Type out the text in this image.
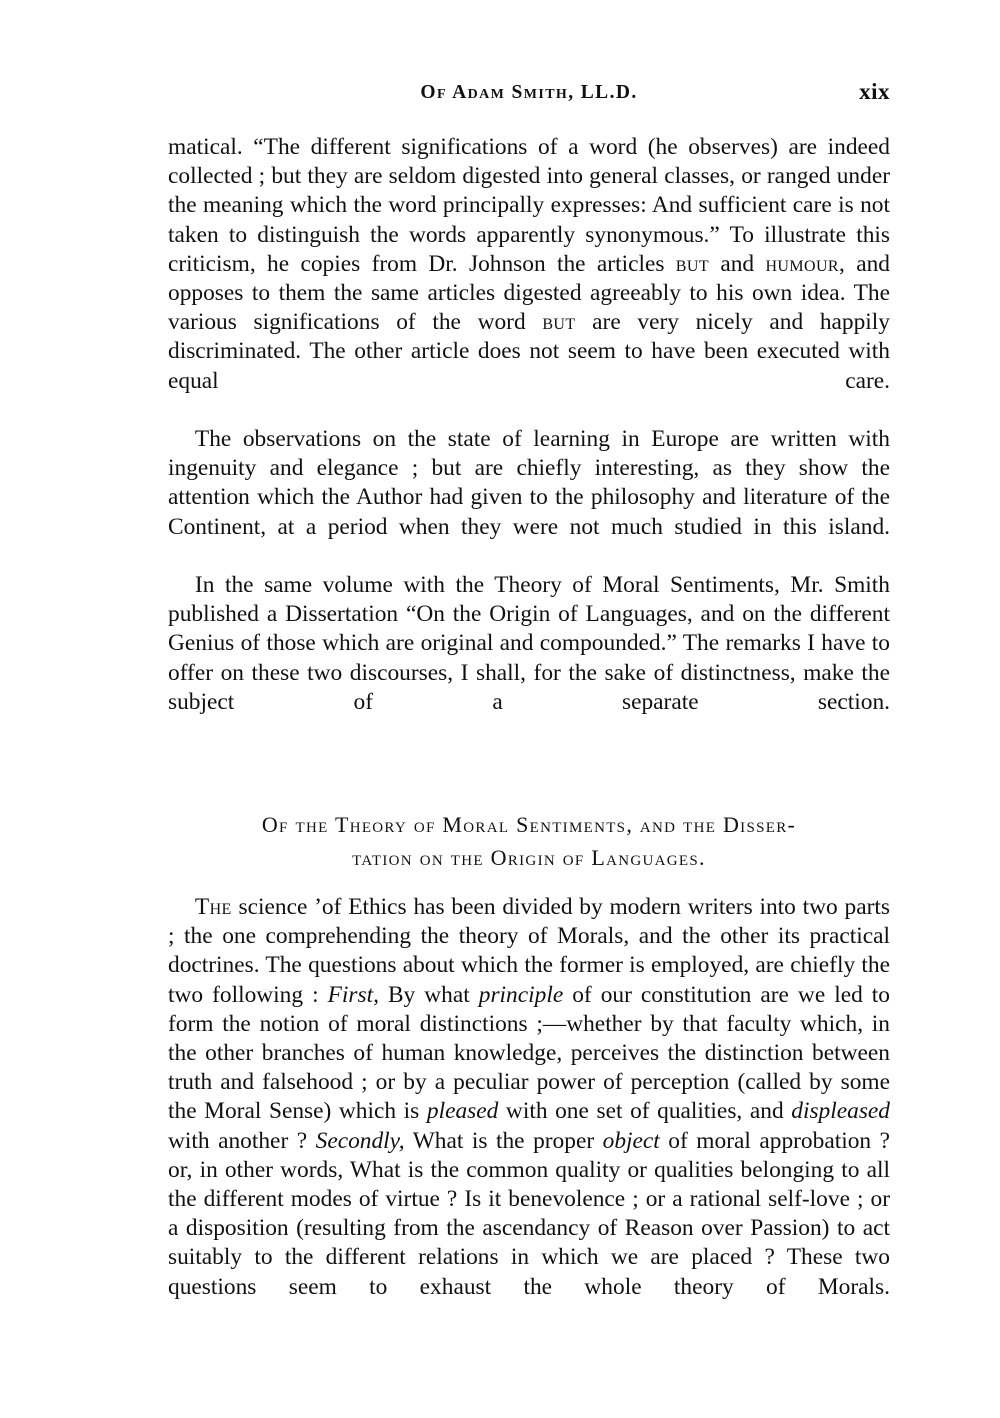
Of Adam Smith, LL.D.	xix

matical. “The different significations of a word (he observes) are indeed collected ; but they are seldom digested into general classes, or ranged under the meaning which the word principally expresses: And sufficient care is not taken to distinguish the words apparently synonymous.” To illustrate this criticism, he copies from Dr. Johnson the articles but and humour, and opposes to them the same articles digested agreeably to his own idea. The various significations of the word but are very nicely and happily discriminated. The other article does not seem to have been executed with equal care.

The observations on the state of learning in Europe are written with ingenuity and elegance ; but are chiefly interesting, as they show the attention which the Author had given to the philosophy and literature of the Continent, at a period when they were not much studied in this island.

In the same volume with the Theory of Moral Sentiments, Mr. Smith published a Dissertation “On the Origin of Languages, and on the different Genius of those which are original and compounded.” The remarks I have to offer on these two discourses, I shall, for the sake of distinctness, make the subject of a separate section.

Of the Theory of Moral Sentiments, and the Disser-
tation on the Origin of Languages.

The science ’of Ethics has been divided by modern writers into two parts ; the one comprehending the theory of Morals, and the other its practical doctrines. The questions about which the former is employed, are chiefly the two following : First, By what principle of our constitution are we led to form the notion of moral distinctions ;—whether by that faculty which, in the other branches of human knowledge, perceives the distinction between truth and falsehood ; or by a peculiar power of perception (called by some the Moral Sense) which is pleased with one set of qualities, and displeased with another ? Secondly, What is the proper object of moral approbation ? or, in other words, What is the common quality or qualities belonging to all the different modes of virtue ? Is it benevolence ; or a rational self-love ; or a disposition (resulting from the ascendancy of Reason over Passion) to act suitably to the different relations in which we are placed ? These two questions seem to exhaust the whole theory of Morals.
